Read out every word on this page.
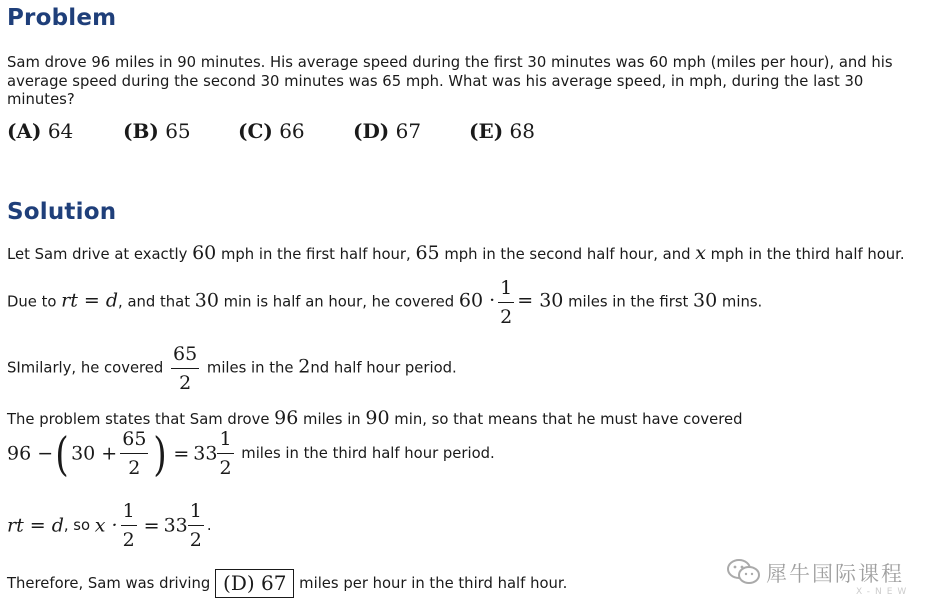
Problem

Sam drove 96 miles in 90 minutes. His average speed during the first 30 minutes was 60 mph (miles per hour), and his average speed during the second 30 minutes was 65 mph. What was his average speed, in mph, during the last 30 minutes?

(A) 64 (B) 65 (C) 66 (D) 67 (E) 68
Solution
Let Sam drive at exactly 60 mph in the first half hour, 65 mph in the second half hour, and x mph in the third half hour.
Due to rt = d, and that 30 min is half an hour, he covered $60 \cdot \frac{1}{2} = 30$ miles in the first 30 mins.
SImilarly, he covered $\frac{65}{2}$ miles in the 2nd half hour period.
The problem states that Sam drove 96 miles in 90 min, so that means that he must have covered
96 −( $30 + \frac{65}{2}$ ) = $33 \frac{1}{2}$ miles in the third half hour period.
rt = d, so $x \cdot \frac{1}{2} = 33 \frac{1}{2}$ .
Therefore, Sam was driving (D) 67 miles per hour in the third half hour.	犀牛国际课程
X-NEW
